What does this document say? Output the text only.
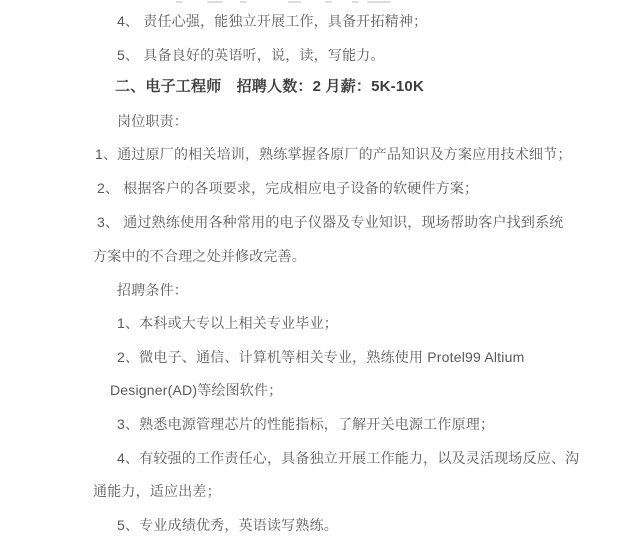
4、 责任心强，能独立开展工作，具备开拓精神；
5、 具备良好的英语听，说，读，写能力。
二、电子工程师　招聘人数：2 月薪：5K-10K
岗位职责：
1、通过原厂的相关培训，熟练掌握各原厂的产品知识及方案应用技术细节；
2、 根据客户的各项要求，完成相应电子设备的软硬件方案；
3、 通过熟练使用各种常用的电子仪器及专业知识，现场帮助客户找到系统
方案中的不合理之处并修改完善。
招聘条件：
1、本科或大专以上相关专业毕业；
2、微电子、通信、计算机等相关专业，熟练使用 Protel99 Altium
Designer(AD)等绘图软件；
3、熟悉电源管理芯片的性能指标，了解开关电源工作原理；
4、有较强的工作责任心，具备独立开展工作能力，以及灵活现场反应、沟
通能力，适应出差；
5、专业成绩优秀，英语读写熟练。
